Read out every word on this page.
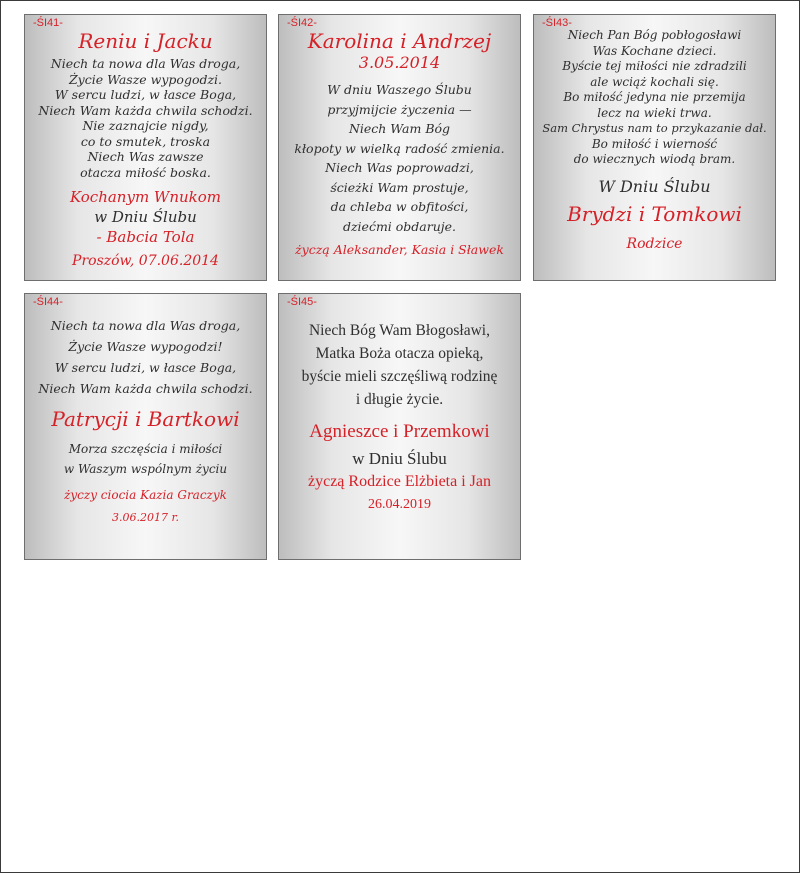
-ŚI41-
Reniu i Jacku
Niech ta nowa dla Was droga,
Życie Wasze wypogodzi.
W sercu ludzi, w łasce Boga,
Niech Wam każda chwila schodzi.
Nie zaznajcie nigdy,
co to smutek, troska
Niech Was zawsze
otacza miłość boska.
Kochanym Wnukom
w Dniu Ślubu
- Babcia Tola
Proszów, 07.06.2014
-ŚI42-
Karolina i Andrzej
3.05.2014
W dniu Waszego Ślubu
przyjmijcie życzenia —
Niech Wam Bóg
kłopoty w wielką radość zmienia.
Niech Was poprowadzi,
ścieżki Wam prostuje,
da chleba w obfitości,
dziećmi obdaruje.
życzą Aleksander, Kasia i Sławek
-ŚI43-
Niech Pan Bóg pobłogosławi
Was Kochane dzieci.
Byście tej miłości nie zdradzili
ale wciąż kochali się.
Bo miłość jedyna nie przemija
lecz na wieki trwa.
Sam Chrystus nam to przykazanie dał.
Bo miłość i wierność
do wiecznych wiodą bram.
W Dniu Ślubu
Brydzi i Tomkowi
Rodzice
-ŚI44-
Niech ta nowa dla Was droga,
Życie Wasze wypogodzi!
W sercu ludzi, w łasce Boga,
Niech Wam każda chwila schodzi.
Patrycji i Bartkowi
Morza szczęścia i miłości
w Waszym wspólnym życiu
życzy ciocia Kazia Graczyk
3.06.2017 r.
-ŚI45-
Niech Bóg Wam Błogosławi,
Matka Boża otacza opieką,
byście mieli szczęśliwą rodzinę
i długie życie.
Agnieszce i Przemkowi
w Dniu Ślubu
życzą Rodzice Elżbieta i Jan
26.04.2019
